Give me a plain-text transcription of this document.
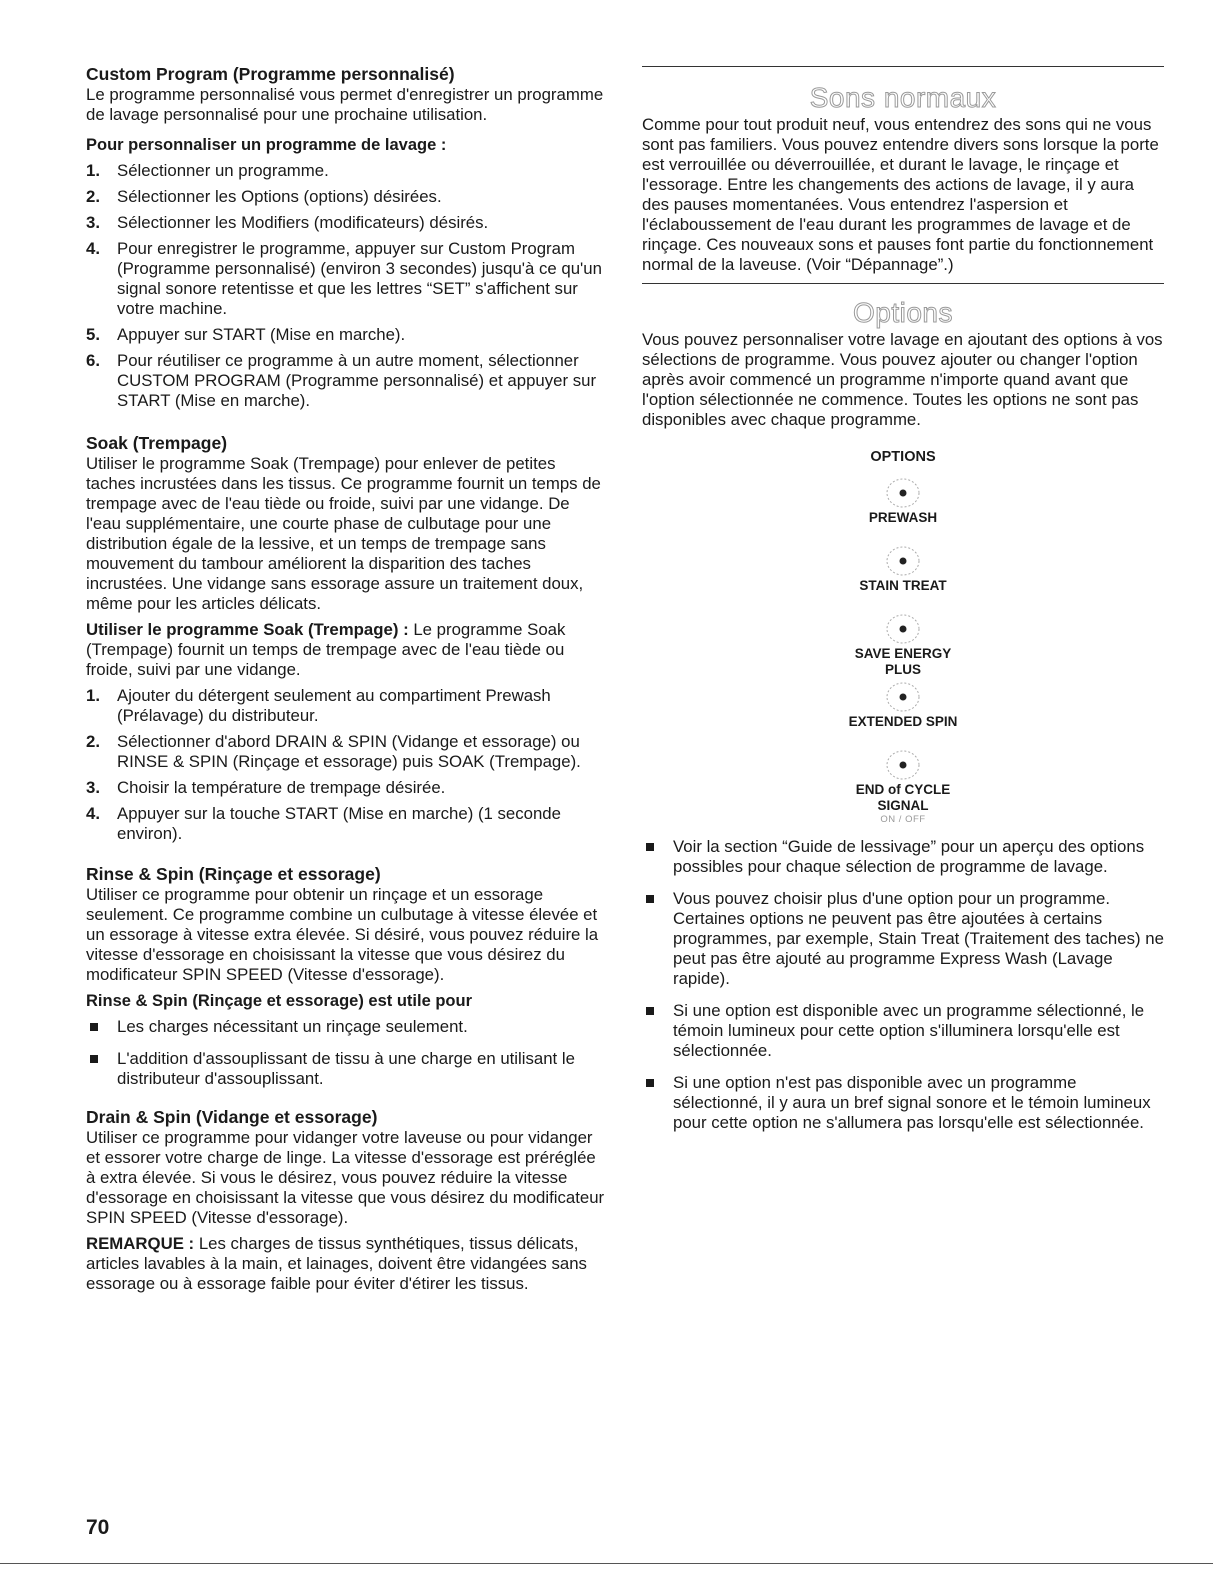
Custom Program (Programme personnalisé)

Le programme personnalisé vous permet d'enregistrer un programme de lavage personnalisé pour une prochaine utilisation.

Pour personnaliser un programme de lavage :

1. Sélectionner un programme.
2. Sélectionner les Options (options) désirées.
3. Sélectionner les Modifiers (modificateurs) désirés.
4. Pour enregistrer le programme, appuyer sur Custom Program (Programme personnalisé) (environ 3 secondes) jusqu'à ce qu'un signal sonore retentisse et que les lettres “SET” s'affichent sur votre machine.
5. Appuyer sur START (Mise en marche).
6. Pour réutiliser ce programme à un autre moment, sélectionner CUSTOM PROGRAM (Programme personnalisé) et appuyer sur START (Mise en marche).
Soak (Trempage)

Utiliser le programme Soak (Trempage) pour enlever de petites taches incrustées dans les tissus. Ce programme fournit un temps de trempage avec de l'eau tiède ou froide, suivi par une vidange. De l'eau supplémentaire, une courte phase de culbutage pour une distribution égale de la lessive, et un temps de trempage sans mouvement du tambour améliorent la disparition des taches incrustées. Une vidange sans essorage assure un traitement doux, même pour les articles délicats.

Utiliser le programme Soak (Trempage) : Le programme Soak (Trempage) fournit un temps de trempage avec de l'eau tiède ou froide, suivi par une vidange.

1. Ajouter du détergent seulement au compartiment Prewash (Prélavage) du distributeur.
2. Sélectionner d'abord DRAIN & SPIN (Vidange et essorage) ou RINSE & SPIN (Rinçage et essorage) puis SOAK (Trempage).
3. Choisir la température de trempage désirée.
4. Appuyer sur la touche START (Mise en marche) (1 seconde environ).
Rinse & Spin (Rinçage et essorage)

Utiliser ce programme pour obtenir un rinçage et un essorage seulement. Ce programme combine un culbutage à vitesse élevée et un essorage à vitesse extra élevée. Si désiré, vous pouvez réduire la vitesse d'essorage en choisissant la vitesse que vous désirez du modificateur SPIN SPEED (Vitesse d'essorage).

Rinse & Spin (Rinçage et essorage) est utile pour

Les charges nécessitant un rinçage seulement.
L'addition d'assouplissant de tissu à une charge en utilisant le distributeur d'assouplissant.
Drain & Spin (Vidange et essorage)

Utiliser ce programme pour vidanger votre laveuse ou pour vidanger et essorer votre charge de linge. La vitesse d'essorage est préréglée à extra élevée. Si vous le désirez, vous pouvez réduire la vitesse d'essorage en choisissant la vitesse que vous désirez du modificateur SPIN SPEED (Vitesse d'essorage).

REMARQUE : Les charges de tissus synthétiques, tissus délicats, articles lavables à la main, et lainages, doivent être vidangées sans essorage ou à essorage faible pour éviter d'étirer les tissus.

Sons normaux

Comme pour tout produit neuf, vous entendrez des sons qui ne vous sont pas familiers. Vous pouvez entendre divers sons lorsque la porte est verrouillée ou déverrouillée, et durant le lavage, le rinçage et l'essorage. Entre les changements des actions de lavage, il y aura des pauses momentanées. Vous entendrez l'aspersion et l'éclaboussement de l'eau durant les programmes de lavage et de rinçage. Ces nouveaux sons et pauses font partie du fonctionnement normal de la laveuse. (Voir “Dépannage”.)

Options

Vous pouvez personnaliser votre lavage en ajoutant des options à vos sélections de programme. Vous pouvez ajouter ou changer l'option après avoir commencé un programme n'importe quand avant que l'option sélectionnée ne commence. Toutes les options ne sont pas disponibles avec chaque programme.

OPTIONS
PREWASH
STAIN TREAT
SAVE ENERGY
PLUS
EXTENDED SPIN
END of CYCLE
SIGNAL
ON / OFF
Voir la section “Guide de lessivage” pour un aperçu des options possibles pour chaque sélection de programme de lavage.
Vous pouvez choisir plus d'une option pour un programme. Certaines options ne peuvent pas être ajoutées à certains programmes, par exemple, Stain Treat (Traitement des taches) ne peut pas être ajouté au programme Express Wash (Lavage rapide).
Si une option est disponible avec un programme sélectionné, le témoin lumineux pour cette option s'illuminera lorsqu'elle est sélectionnée.
Si une option n'est pas disponible avec un programme sélectionné, il y aura un bref signal sonore et le témoin lumineux pour cette option ne s'allumera pas lorsqu'elle est sélectionnée.
70
